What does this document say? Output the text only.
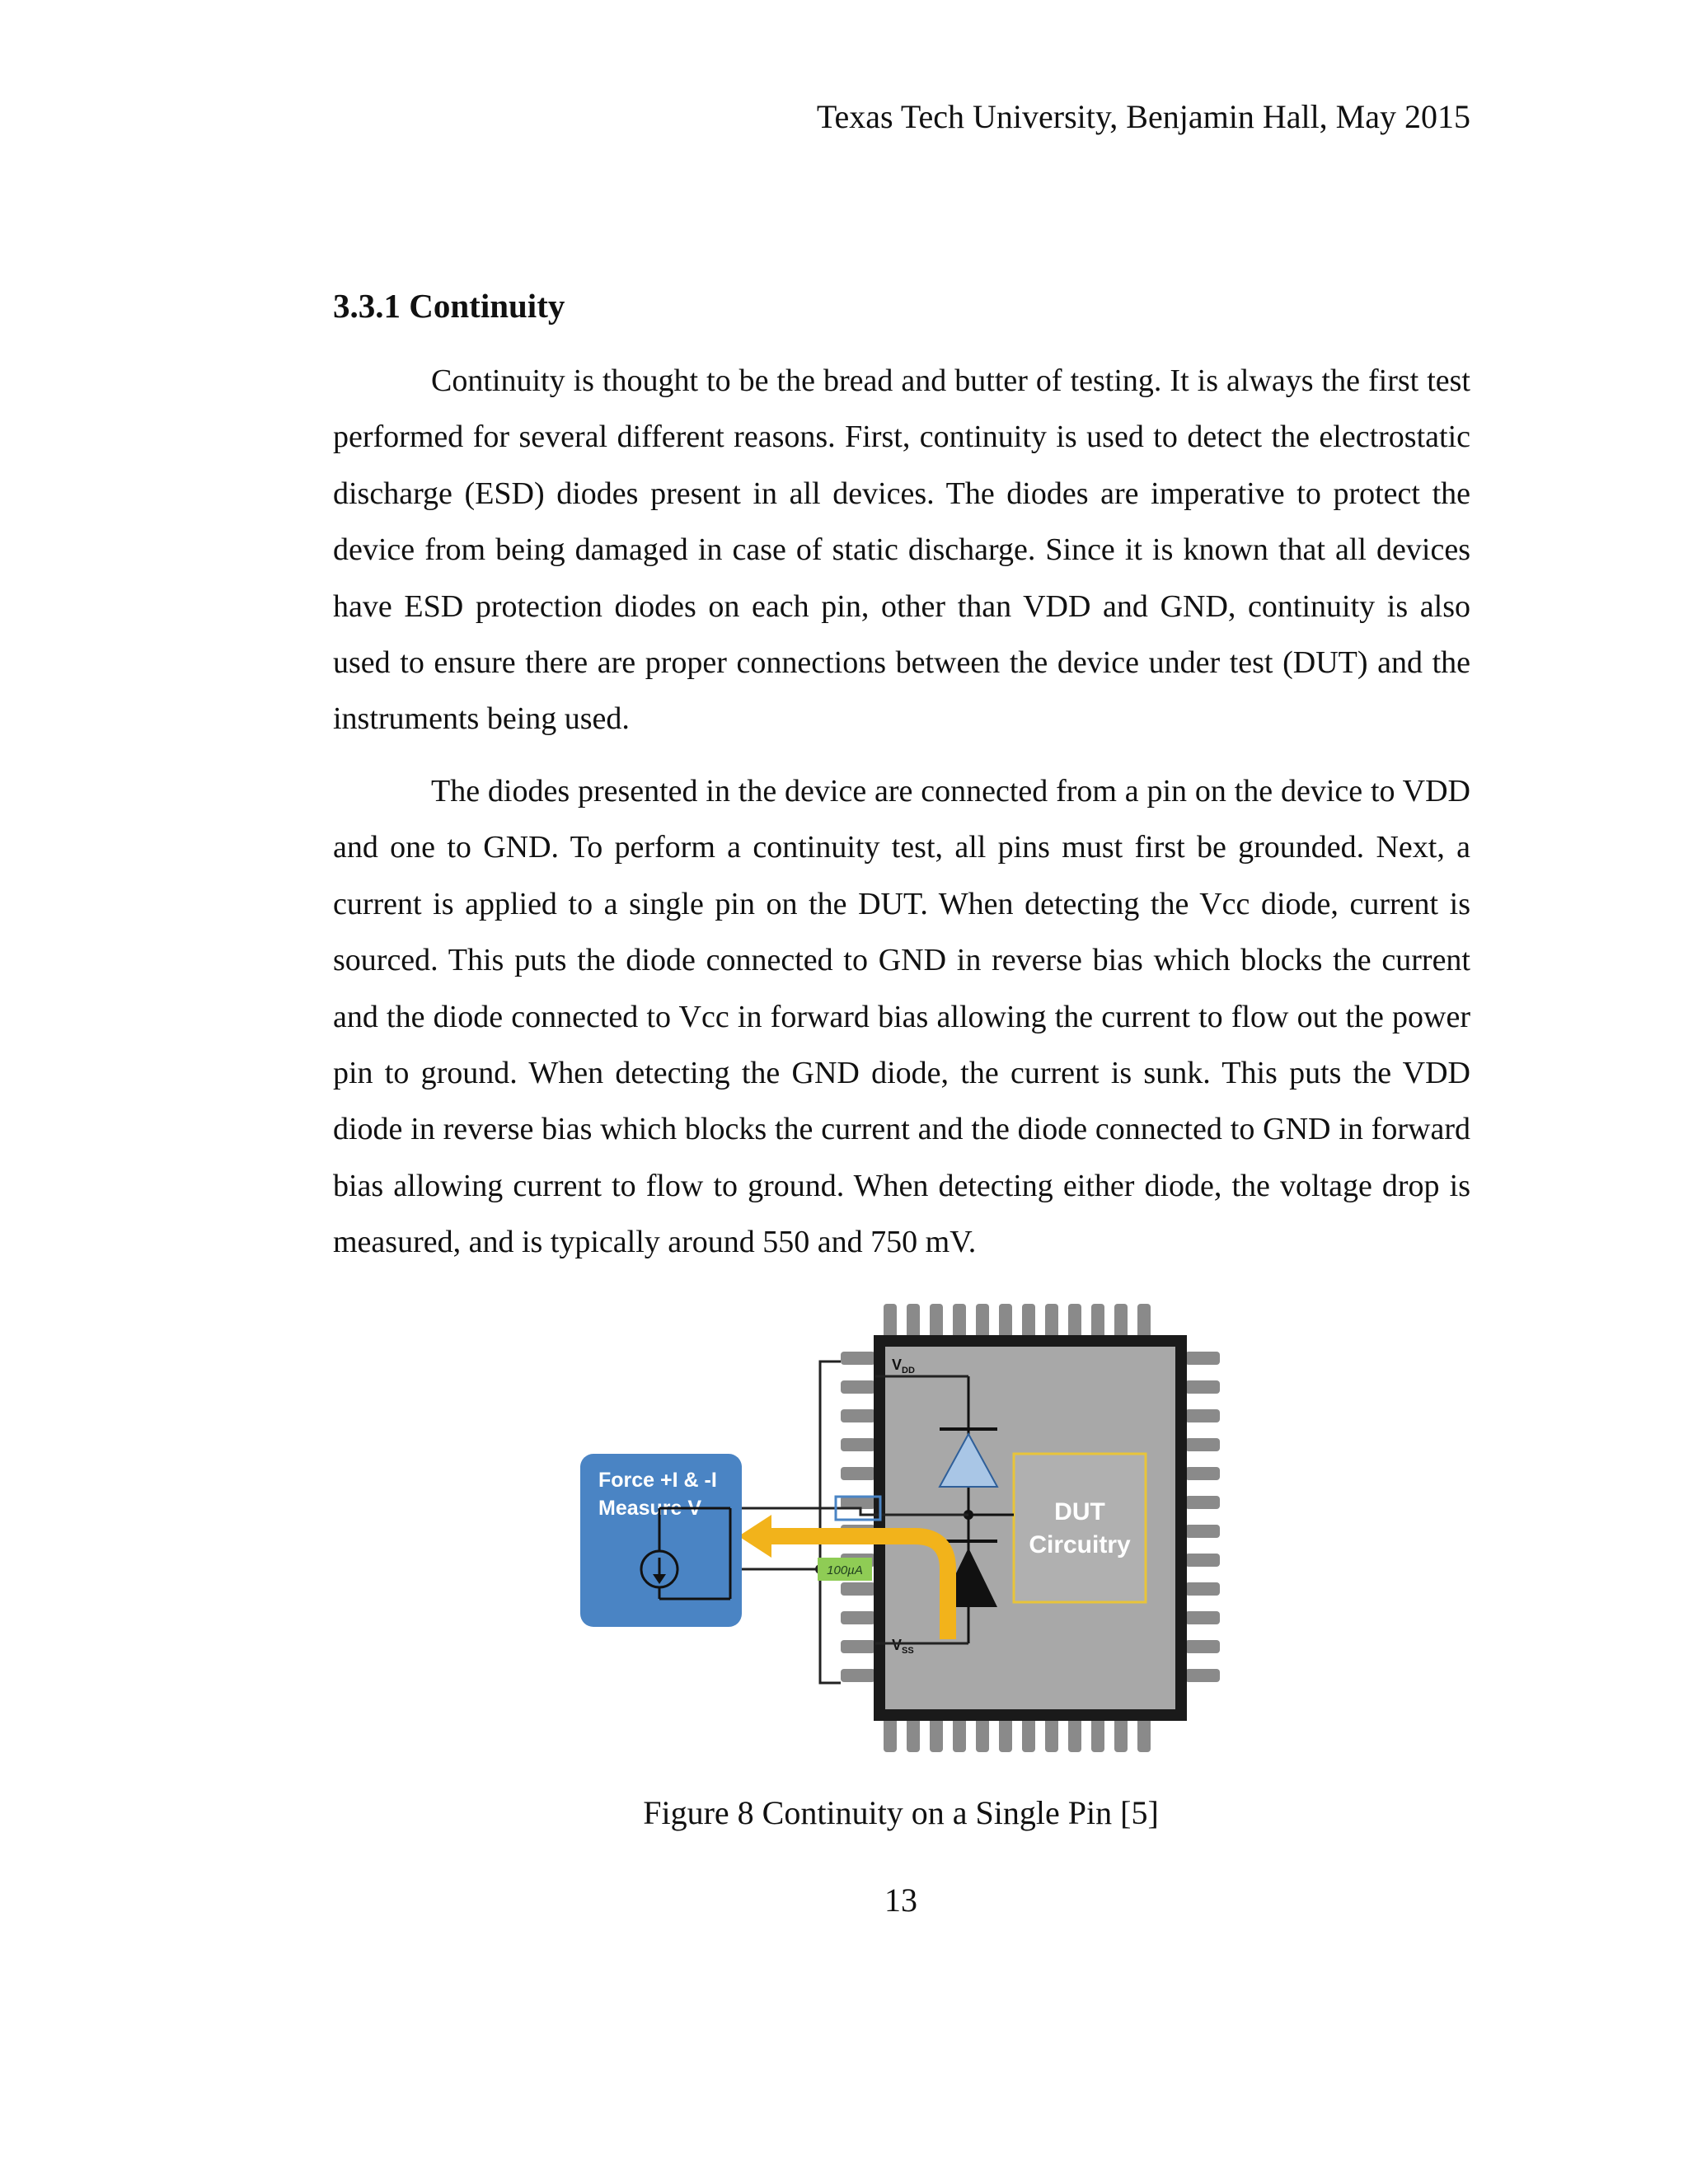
Texas Tech University, Benjamin Hall, May 2015
3.3.1 Continuity

Continuity is thought to be the bread and butter of testing. It is always the first test performed for several different reasons. First, continuity is used to detect the electrostatic discharge (ESD) diodes present in all devices. The diodes are imperative to protect the device from being damaged in case of static discharge. Since it is known that all devices have ESD protection diodes on each pin, other than VDD and GND, continuity is also used to ensure there are proper connections between the device under test (DUT) and the instruments being used.

The diodes presented in the device are connected from a pin on the device to VDD and one to GND. To perform a continuity test, all pins must first be grounded. Next, a current is applied to a single pin on the DUT. When detecting the Vcc diode, current is sourced. This puts the diode connected to GND in reverse bias which blocks the current and the diode connected to Vcc in forward bias allowing the current to flow out the power pin to ground. When detecting the GND diode, the current is sunk. This puts the VDD diode in reverse bias which blocks the current and the diode connected to GND in forward bias allowing current to flow to ground. When detecting either diode, the voltage drop is measured, and is typically around 550 and 750 mV.

DUT
Circuitry
$V_{DD}$
$V_{SS}$
100µA
Force +I & -I
Measure V
Figure 8 Continuity on a Single Pin [5]
13
